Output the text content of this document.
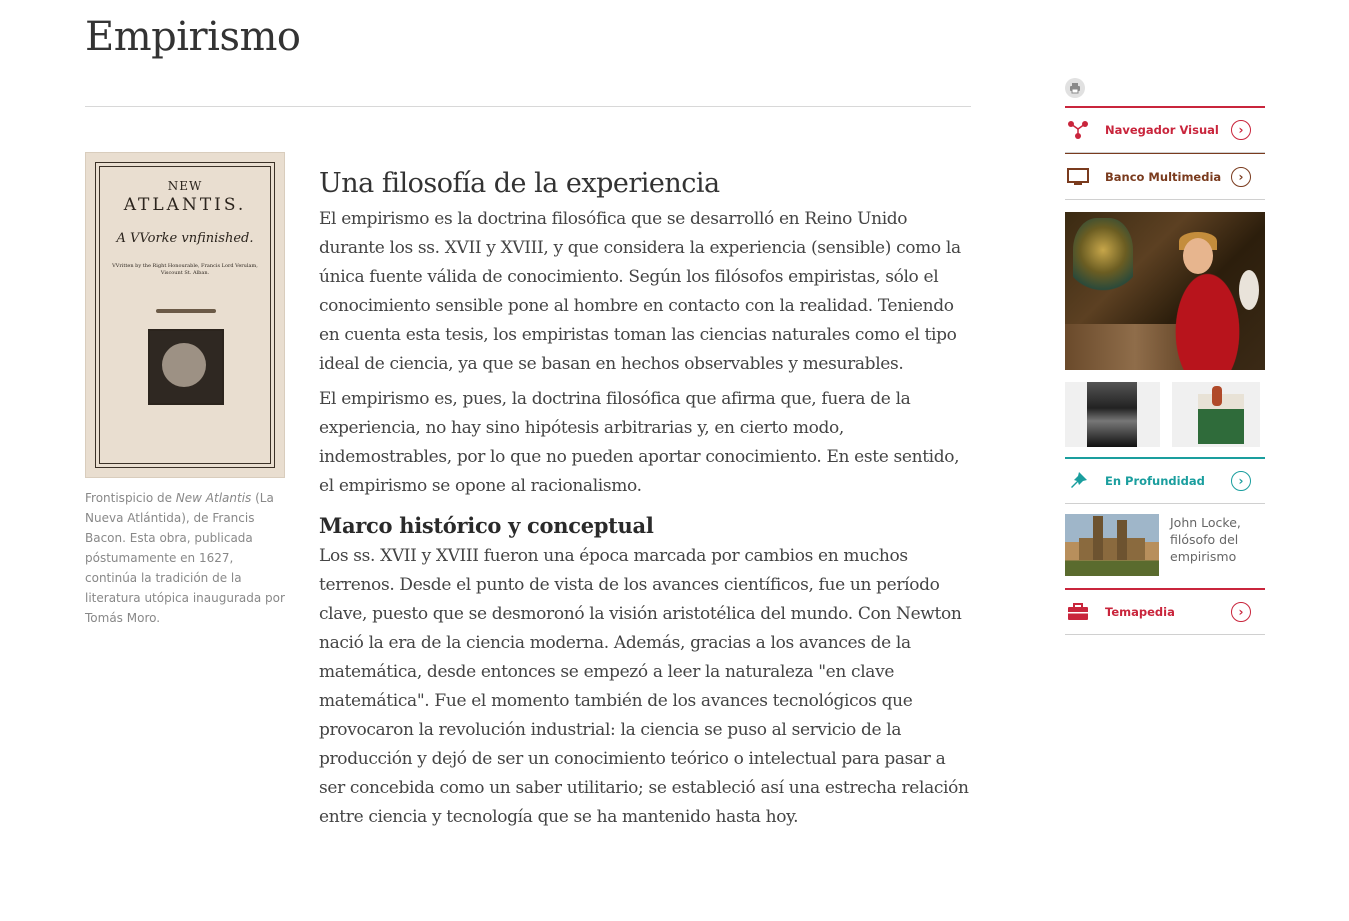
Empirismo
NEW
ATLANTIS.
A VVorke vnfinished.
VVritten by the Right Honourable, Francis Lord Verulam, Viscount St. Alban.
Frontispicio de New Atlantis (La Nueva Atlántida), de Francis Bacon. Esta obra, publicada póstumamente en 1627, continúa la tradición de la literatura utópica inaugurada por Tomás Moro.
Una filosofía de la experiencia

El empirismo es la doctrina filosófica que se desarrolló en Reino Unido durante los ss. XVII y XVIII, y que considera la experiencia (sensible) como la única fuente válida de conocimiento. Según los filósofos empiristas, sólo el conocimiento sensible pone al hombre en contacto con la realidad. Teniendo en cuenta esta tesis, los empiristas toman las ciencias naturales como el tipo ideal de ciencia, ya que se basan en hechos observables y mesurables.

El empirismo es, pues, la doctrina filosófica que afirma que, fuera de la experiencia, no hay sino hipótesis arbitrarias y, en cierto modo, indemostrables, por lo que no pueden aportar conocimiento. En este sentido, el empirismo se opone al racionalismo.

Marco histórico y conceptual

Los ss. XVII y XVIII fueron una época marcada por cambios en muchos terrenos. Desde el punto de vista de los avances científicos, fue un período clave, puesto que se desmoronó la visión aristotélica del mundo. Con Newton nació la era de la ciencia moderna. Además, gracias a los avances de la matemática, desde entonces se empezó a leer la naturaleza "en clave matemática". Fue el momento también de los avances tecnológicos que provocaron la revolución industrial: la ciencia se puso al servicio de la producción y dejó de ser un conocimiento teórico o intelectual para pasar a ser concebida como un saber utilitario; se estableció así una estrecha relación entre ciencia y tecnología que se ha mantenido hasta hoy.

Navegador Visual	›
Banco Multimedia	›
En Profundidad	›
John Locke, filósofo del empirismo
Temapedia	›
